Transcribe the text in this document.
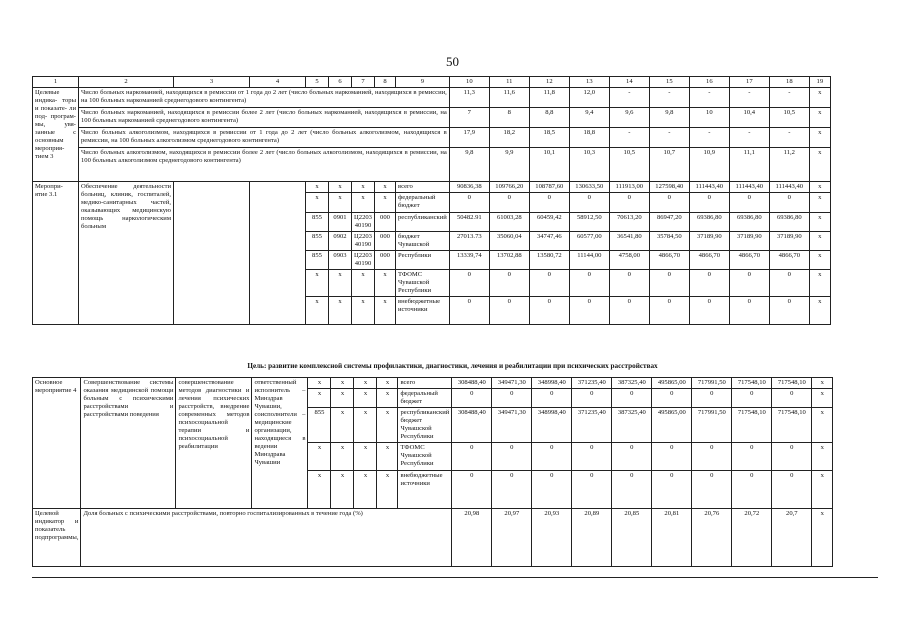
50
1	2	3	4	5	6	7	8	9	10	11	12	13	14	15	16	17	18	19
Целевые индика- торы и показате- ли под- програм- мы, увя- занные с основным мероприя- тием 3	Число больных наркоманией, находящихся в ремиссии от 1 года до 2 лет (число больных наркоманией, находящихся в ремиссии, на 100 больных наркоманией среднегодового контингента)								11,3	11,6	11,8	12,0	-	-	-	-	-	x
	Число больных наркоманией, находящихся в ремиссии более 2 лет (число больных наркоманией, находящихся в ремиссии, на 100 больных наркоманией среднегодового контингента)								7	8	8,8	9,4	9,6	9,8	10	10,4	10,5	x
	Число больных алкоголизмом, находящихся в ремиссии от 1 года до 2 лет (число больных алкоголизмом, находящихся в ремиссии, на 100 больных алкоголизмом среднегодового контингента)								17,9	18,2	18,5	18,8	-	-	-	-	-	x
	Число больных алкоголизмом, находящихся в ремиссии более 2 лет (число больных алкоголизмом, находящихся в ремиссии, на 100 больных алкоголизмом среднегодового контингента)								9,8	9,9	10,1	10,3	10,5	10,7	10,9	11,1	11,2	x
Меропри- ятие 3.1	Обеспечение деятельности больниц, клиник, госпиталей, медико-санитарных частей, оказывающих медицинскую помощь наркологическим больным			x	x	x	x	всего	90836,38	109766,20	108787,60	130633,50	111913,00	127598,40	111443,40	111443,40	111443,40	x
				x	x	x	x	федеральный бюджет	0	0	0	0	0	0	0	0	0	x
				855	0901	Ц2203 40190	000	республиканский	50482.91	61003,28	60459,42	58912,50	70613,20	86947,20	69386,80	69386,80	69386,80	x
				855	0902	Ц2203 40190	000	бюджет Чувашской	27013.73	35060,04	34747,46	60577,00	36541,80	35784,50	37189,90	37189,90	37189,90	x
				855	0903	Ц2203 40190	000	Республики	13339,74	13702,88	13580,72	11144,00	4758,00	4866,70	4866,70	4866,70	4866,70	x
				x	x	x	x	ТФОМС Чувашской Республики	0	0	0	0	0	0	0	0	0	x
				x	x	x	x	внебюджетные источники	0	0	0	0	0	0	0	0	0	x
Цель: развитие комплексной системы профилактики, диагностики, лечения и реабилитации при психических расстройствах
Основное мероприятие 4	Совершенствование системы оказания медицинской помощи больным с психическими расстройствами и расстройствами поведения	совершенствование методов диагностики и лечения психических расстройств, внедрение современных методов психосоциальной терапии и психосоциальной реабилитации	ответственный исполнитель – Минздрав Чувашии, соисполнители – медицинские организации, находящиеся в ведении Минздрава Чувашии	x	x	x	x	всего	308488,40	349471,30	348998,40	371235,40	387325,40	495865,00	717991,50	717548,10	717548,10	x
				x	x	x	x	федеральный бюджет	0	0	0	0	0	0	0	0	0	x
				855	x	x	x	республиканский бюджет Чувашской Республики	308488,40	349471,30	348998,40	371235,40	387325,40	495865,00	717991,50	717548,10	717548,10	x
				x	x	x	x	ТФОМС Чувашской Республики	0	0	0	0	0	0	0	0	0	x
				x	x	x	x	внебюджетные источники	0	0	0	0	0	0	0	0	0	x
Целевой индикатор и показатель подпрограммы,	Доля больных с психическими расстройствами, повторно госпитализированных в течение года (%)								20,98	20,97	20,93	20,89	20,85	20,81	20,76	20,72	20,7	x
